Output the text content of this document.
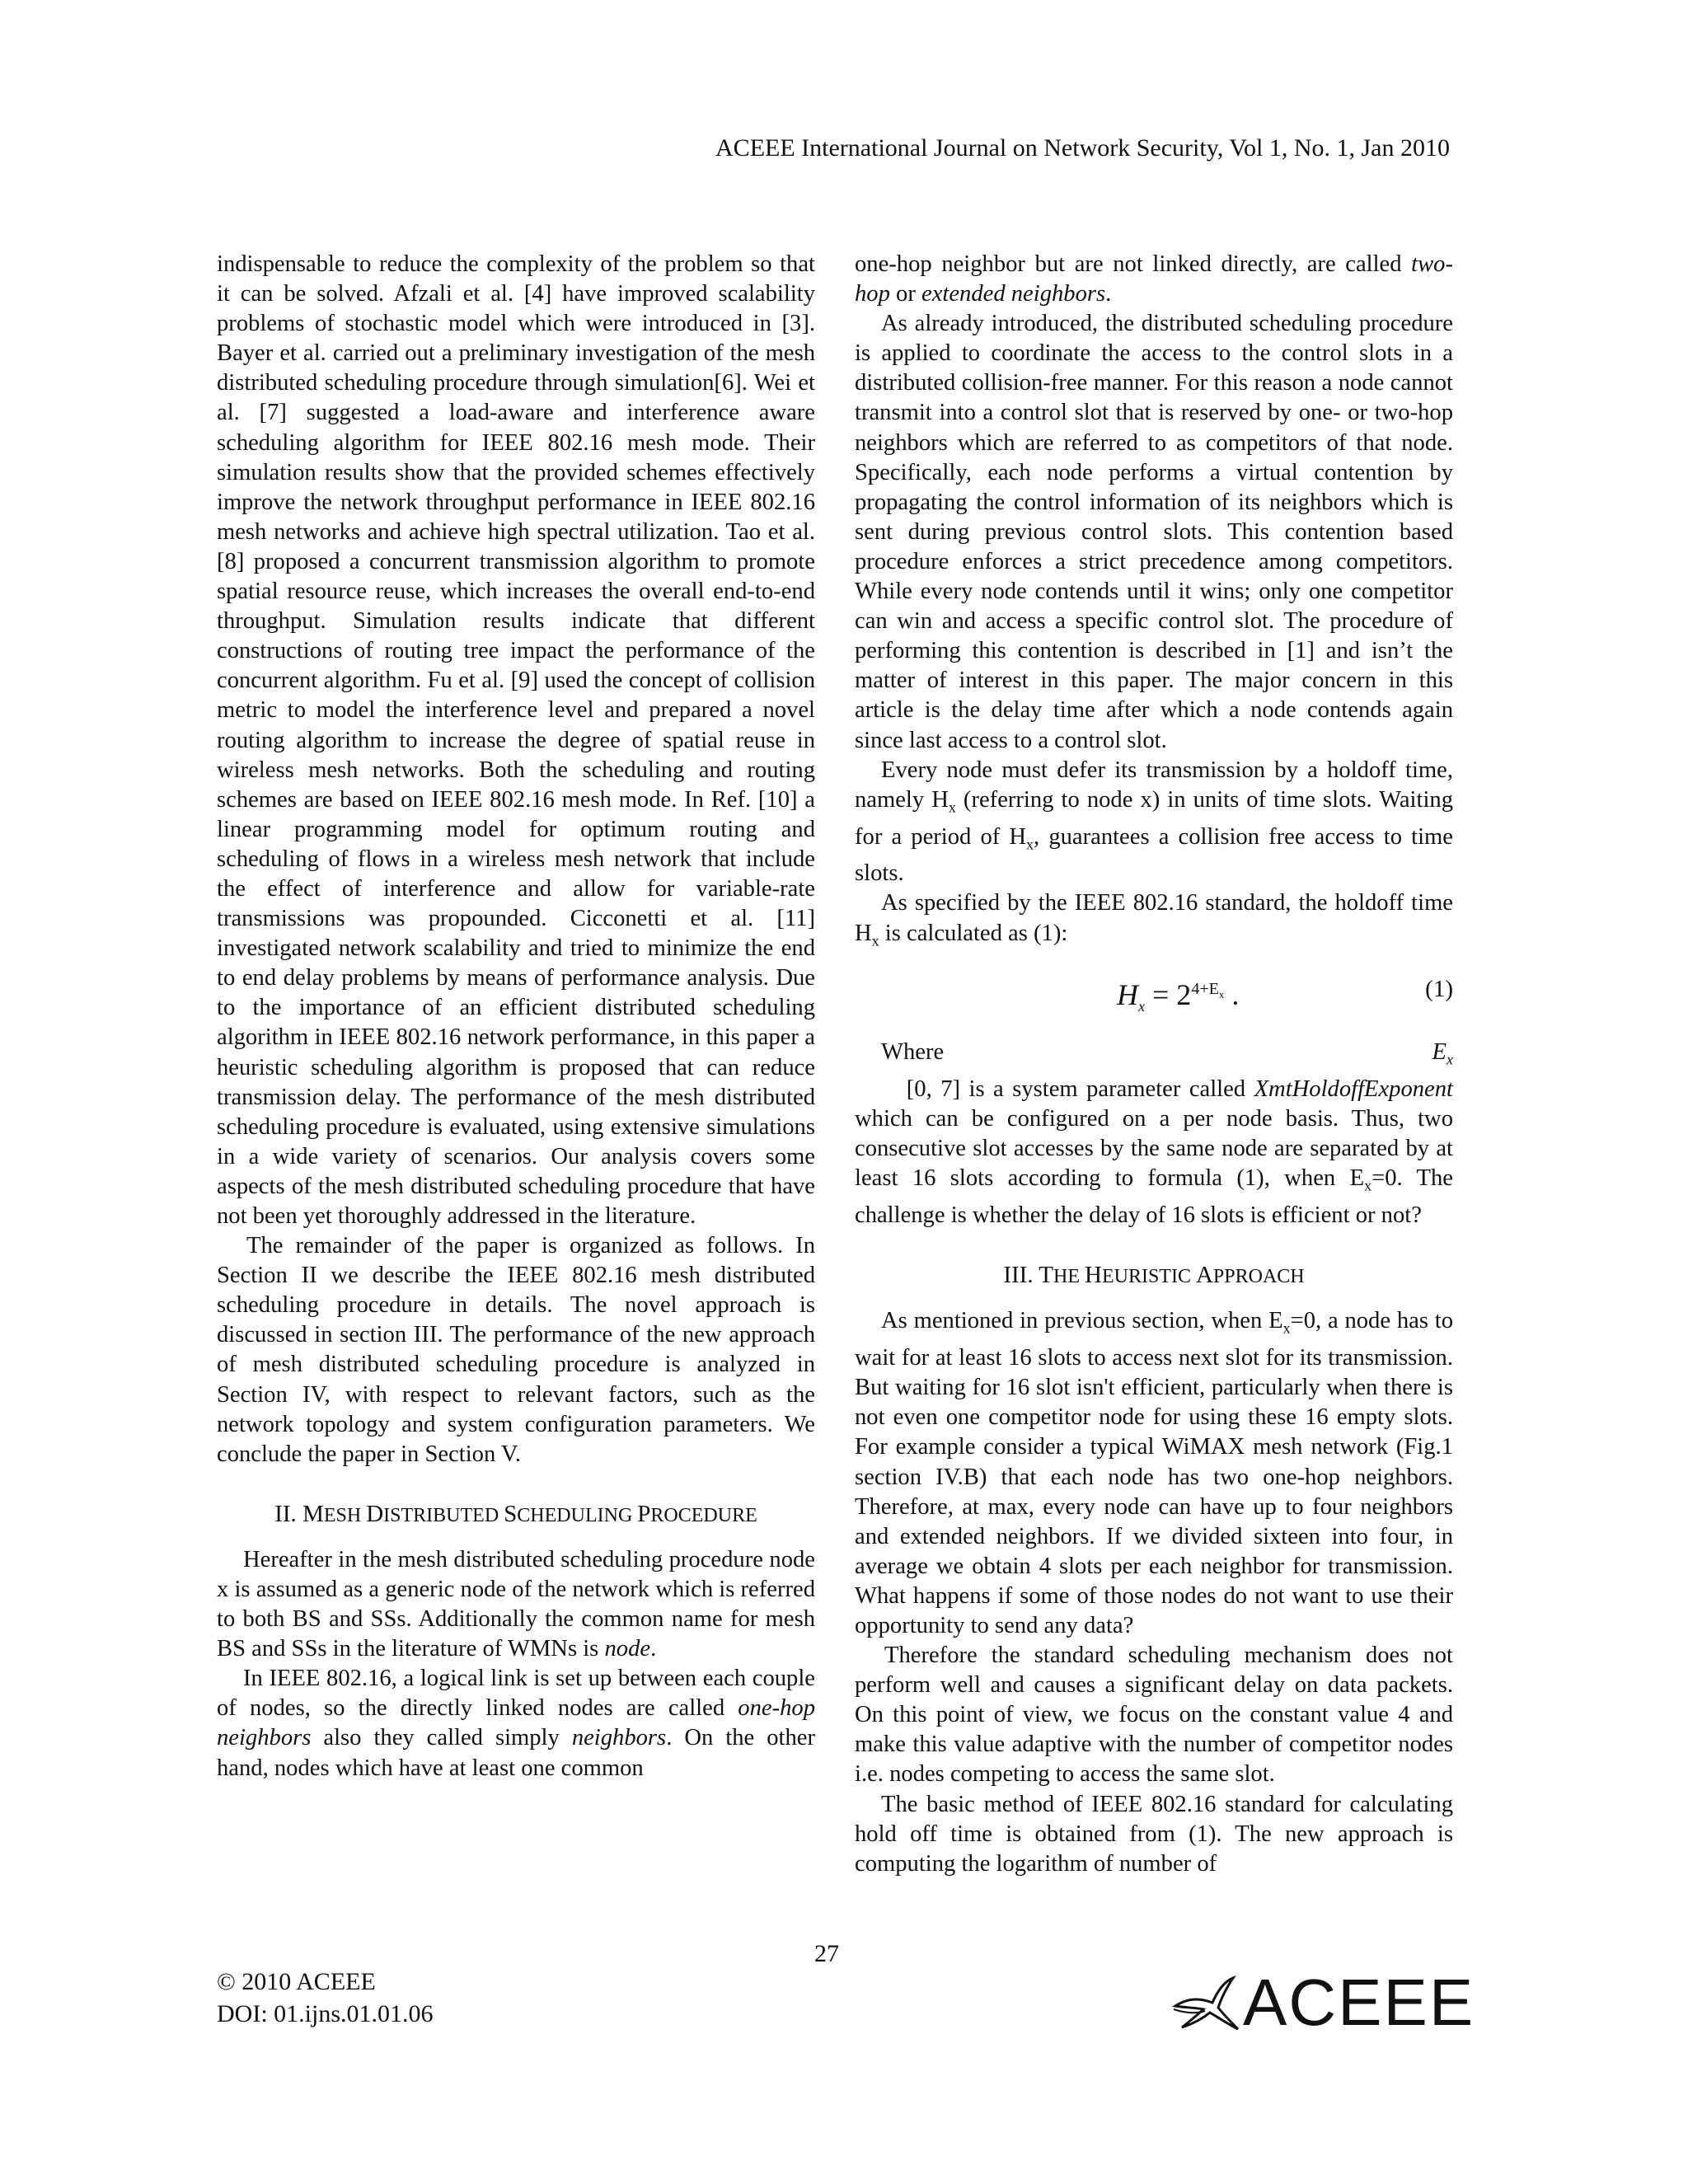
ACEEE International Journal on Network Security, Vol 1, No. 1, Jan 2010

indispensable to reduce the complexity of the problem so that it can be solved. Afzali et al. [4] have improved scalability problems of stochastic model which were introduced in [3]. Bayer et al. carried out a preliminary investigation of the mesh distributed scheduling procedure through simulation[6]. Wei et al. [7] suggested a load-aware and interference aware scheduling algorithm for IEEE 802.16 mesh mode. Their simulation results show that the provided schemes effectively improve the network throughput performance in IEEE 802.16 mesh networks and achieve high spectral utilization. Tao et al. [8] proposed a concurrent transmission algorithm to promote spatial resource reuse, which increases the overall end-to-end throughput. Simulation results indicate that different constructions of routing tree impact the performance of the concurrent algorithm. Fu et al. [9] used the concept of collision metric to model the interference level and prepared a novel routing algorithm to increase the degree of spatial reuse in wireless mesh networks. Both the scheduling and routing schemes are based on IEEE 802.16 mesh mode. In Ref. [10] a linear programming model for optimum routing and scheduling of flows in a wireless mesh network that include the effect of interference and allow for variable-rate transmissions was propounded. Cicconetti et al. [11] investigated network scalability and tried to minimize the end to end delay problems by means of performance analysis. Due to the importance of an efficient distributed scheduling algorithm in IEEE 802.16 network performance, in this paper a heuristic scheduling algorithm is proposed that can reduce transmission delay. The performance of the mesh distributed scheduling procedure is evaluated, using extensive simulations in a wide variety of scenarios. Our analysis covers some aspects of the mesh distributed scheduling procedure that have not been yet thoroughly addressed in the literature.

The remainder of the paper is organized as follows. In Section II we describe the IEEE 802.16 mesh distributed scheduling procedure in details. The novel approach is discussed in section III. The performance of the new approach of mesh distributed scheduling procedure is analyzed in Section IV, with respect to relevant factors, such as the network topology and system configuration parameters. We conclude the paper in Section V.

II. MESH DISTRIBUTED SCHEDULING PROCEDURE

Hereafter in the mesh distributed scheduling procedure node x is assumed as a generic node of the network which is referred to both BS and SSs. Additionally the common name for mesh BS and SSs in the literature of WMNs is node.

In IEEE 802.16, a logical link is set up between each couple of nodes, so the directly linked nodes are called one-hop neighbors also they called simply neighbors. On the other hand, nodes which have at least one common

one-hop neighbor but are not linked directly, are called two-hop or extended neighbors.

As already introduced, the distributed scheduling procedure is applied to coordinate the access to the control slots in a distributed collision-free manner. For this reason a node cannot transmit into a control slot that is reserved by one- or two-hop neighbors which are referred to as competitors of that node. Specifically, each node performs a virtual contention by propagating the control information of its neighbors which is sent during previous control slots. This contention based procedure enforces a strict precedence among competitors. While every node contends until it wins; only one competitor can win and access a specific control slot. The procedure of performing this contention is described in [1] and isn’t the matter of interest in this paper. The major concern in this article is the delay time after which a node contends again since last access to a control slot.

Every node must defer its transmission by a holdoff time, namely $H_x$ (referring to node x) in units of time slots. Waiting for a period of $H_x$, guarantees a collision free access to time slots.

As specified by the IEEE 802.16 standard, the holdoff time $H_x$ is calculated as (1):

$H_x = 2^{4+E_x}$ .	(1)

Where $E_x$      [0, 7] is a system parameter called XmtHoldoffExponent which can be configured on a per node basis. Thus, two consecutive slot accesses by the same node are separated by at least 16 slots according to formula (1), when $E_x=0$. The challenge is whether the delay of 16 slots is efficient or not?

III. THE HEURISTIC APPROACH

As mentioned in previous section, when $E_x=0$, a node has to wait for at least 16 slots to access next slot for its transmission. But waiting for 16 slot isn't efficient, particularly when there is not even one competitor node for using these 16 empty slots. For example consider a typical WiMAX mesh network (Fig.1 section IV.B) that each node has two one-hop neighbors. Therefore, at max, every node can have up to four neighbors and extended neighbors. If we divided sixteen into four, in average we obtain 4 slots per each neighbor for transmission. What happens if some of those nodes do not want to use their opportunity to send any data?

Therefore the standard scheduling mechanism does not perform well and causes a significant delay on data packets. On this point of view, we focus on the constant value 4 and make this value adaptive with the number of competitor nodes i.e. nodes competing to access the same slot.

The basic method of IEEE 802.16 standard for calculating hold off time is obtained from (1). The new approach is computing the logarithm of number of

27
© 2010 ACEEE
DOI: 01.ijns.01.01.06	ACEEE
